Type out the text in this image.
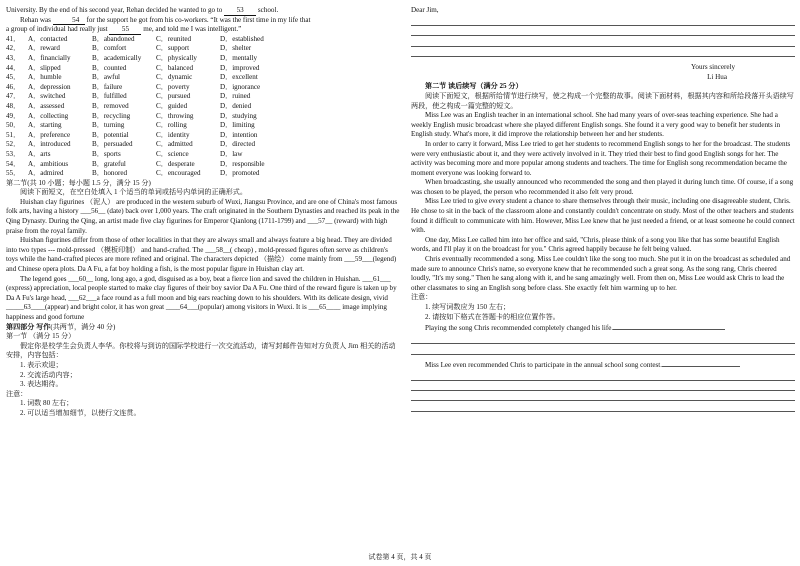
University. By the end of his second year, Rehan decided he wanted to go to 53 school.

Rehan was	54 for the support he got from his co-workers. “It was the first time in my life that

a group of individual had really just 55 me, and told me I was intelligent.”

41．	A．contacted	B．abandoned	C．reunited	D．established
42．	A．reward	B．comfort	C．support	D．shelter
43．	A．financially	B．academically	C．physically	D．mentally
44．	A．slipped	B．counted	C．balanced	D．improved
45．	A．humble	B．awful	C．dynamic	D．excellent
46．	A．depression	B．failure	C．poverty	D．ignorance
47．	A．switched	B．fulfilled	C．pursued	D．ruined
48．	A．assessed	B．removed	C．guided	D．denied
49．	A．collecting	B．recycling	C．throwing	D．studying
50．	A．starting	B．turning	C．rolling	D．limiting
51．	A．preference	B．potential	C．identity	D．intention
52．	A．introduced	B．persuaded	C．admitted	D．directed
53．	A．arts	B．sports	C．science	D．law
54．	A．ambitious	B．grateful	C．desperate	D．responsible
55．	A．admired	B．honored	C．encouraged	D．promoted

第二节(共 10 小题；每小题 1.5 分，满分 15 分)

阅读下面短文，在空白处填入 1 个适当的单词或括号内单词的正确形式。

Huishan clay figurines （泥人） are produced in the western suburb of Wuxi, Jiangsu Province, and are one of China's most famous folk arts, having a history ___56__ (date) back over 1,000 years. The craft originated in the Southern Dynasties and reached its peak in the Qing Dynasty. During the Qing, an artist made five clay figurines for Emperor Qianlong (1711-1799) and ___57__ (reward) with high praise from the royal family.

Huishan figurines differ from those of other localities in that they are always small and always feature a big head. They are divided into two types --- mold-pressed （模板印制） and hand-crafted. The ___58__( cheap) , mold-pressed figures often serve as children's toys while the hand-crafted pieces are more refined and original. The characters depicted （描绘） come mainly from ___59___(legend) and Chinese opera plots. Da A Fu, a fat boy holding a fish, is the most popular figure in Huishan clay art.

The legend goes ___60__ long, long ago, a god, disguised as a boy, beat a fierce lion and saved the children in Huishan. ___61___ (express) appreciation, local people started to make clay figures of their boy savior Da A Fu. One third of the reward figure is taken up by Da A Fu's large head, ___62___a face round as a full moon and big ears reaching down to his shoulders. With its delicate design, vivid _____63____(appear) and bright color, it has won great ____64___(popular) among visitors in Wuxi. It is ___65____ image implying happiness and good fortune

第四部分 写作(共两节，满分 40 分)

第一节 （满分 15 分）

假定你是校学生会负责人李华。你校将与到访的国际学校进行一次交流活动，请写封邮件告知对方负责人 Jim 相关的活动安排，内容包括：

1. 表示欢迎；

2. 交流活动内容；

3. 表达期待。

注意：

1. 词数 80 左右；

2. 可以适当增加细节，以使行文连贯。

Dear Jim,

Yours sincerely

Li Hua

第二节 读后续写（满分 25 分）

阅读下面短文，根据所给情节进行续写，使之构成一个完整的故事。阅读下面材料，根据其内容和所给段落开头语续写两段，使之构成一篇完整的短文。

Miss Lee was an English teacher in an international school. She had many years of over-seas teaching experience. She had a weekly English music broadcast where she played different English songs. She found it a very good way to benefit her students in English study. What's more, it did improve the relationship between her and her students.

In order to carry it forward, Miss Lee tried to get her students to recommend English songs to her for the broadcast. The students were very enthusiastic about it, and they were actively involved in it. They tried their best to find good English songs for her. The activity was becoming more and more popular among students and teachers. The time for English song recommendation became the moment everyone was looking forward to.

When broadcasting, she usually announced who recommended the song and then played it during lunch time. Of course, if a song was chosen to be played, the person who recommended it also felt very proud.

Miss Lee tried to give every student a chance to share themselves through their music, including one disagreeable student, Chris. He chose to sit in the back of the classroom alone and constantly couldn't concentrate on study. Most of the other teachers and students found it difficult to communicate with him. However, Miss Lee knew that he just needed a friend, or at least someone he could connect with.

One day, Miss Lee called him into her office and said, "Chris, please think of a song you like that has some beautiful English words, and I'll play it on the broadcast for you." Chris agreed happily because he felt being valued.

Chris eventually recommended a song. Miss Lee couldn't like the song too much. She put it in on the broadcast as scheduled and made sure to announce Chris's name, so everyone knew that he recommended such a great song. As the song rang, Chris cheered loudly, "It's my song." Then he sang along with it, and he sang amazingly well. From then on, Miss Lee would ask Chris to lead the other classmates to sing an English song before class. She exactly felt him warming up to her.

注意：

1. 续写词数应为 150 左右；

2. 请按如下格式在答题卡的相应位置作答。

Playing the song Chris recommended completely changed his life.

Miss Lee even recommended Chris to participate in the annual school song contest.

试卷第 4 页，共 4 页
